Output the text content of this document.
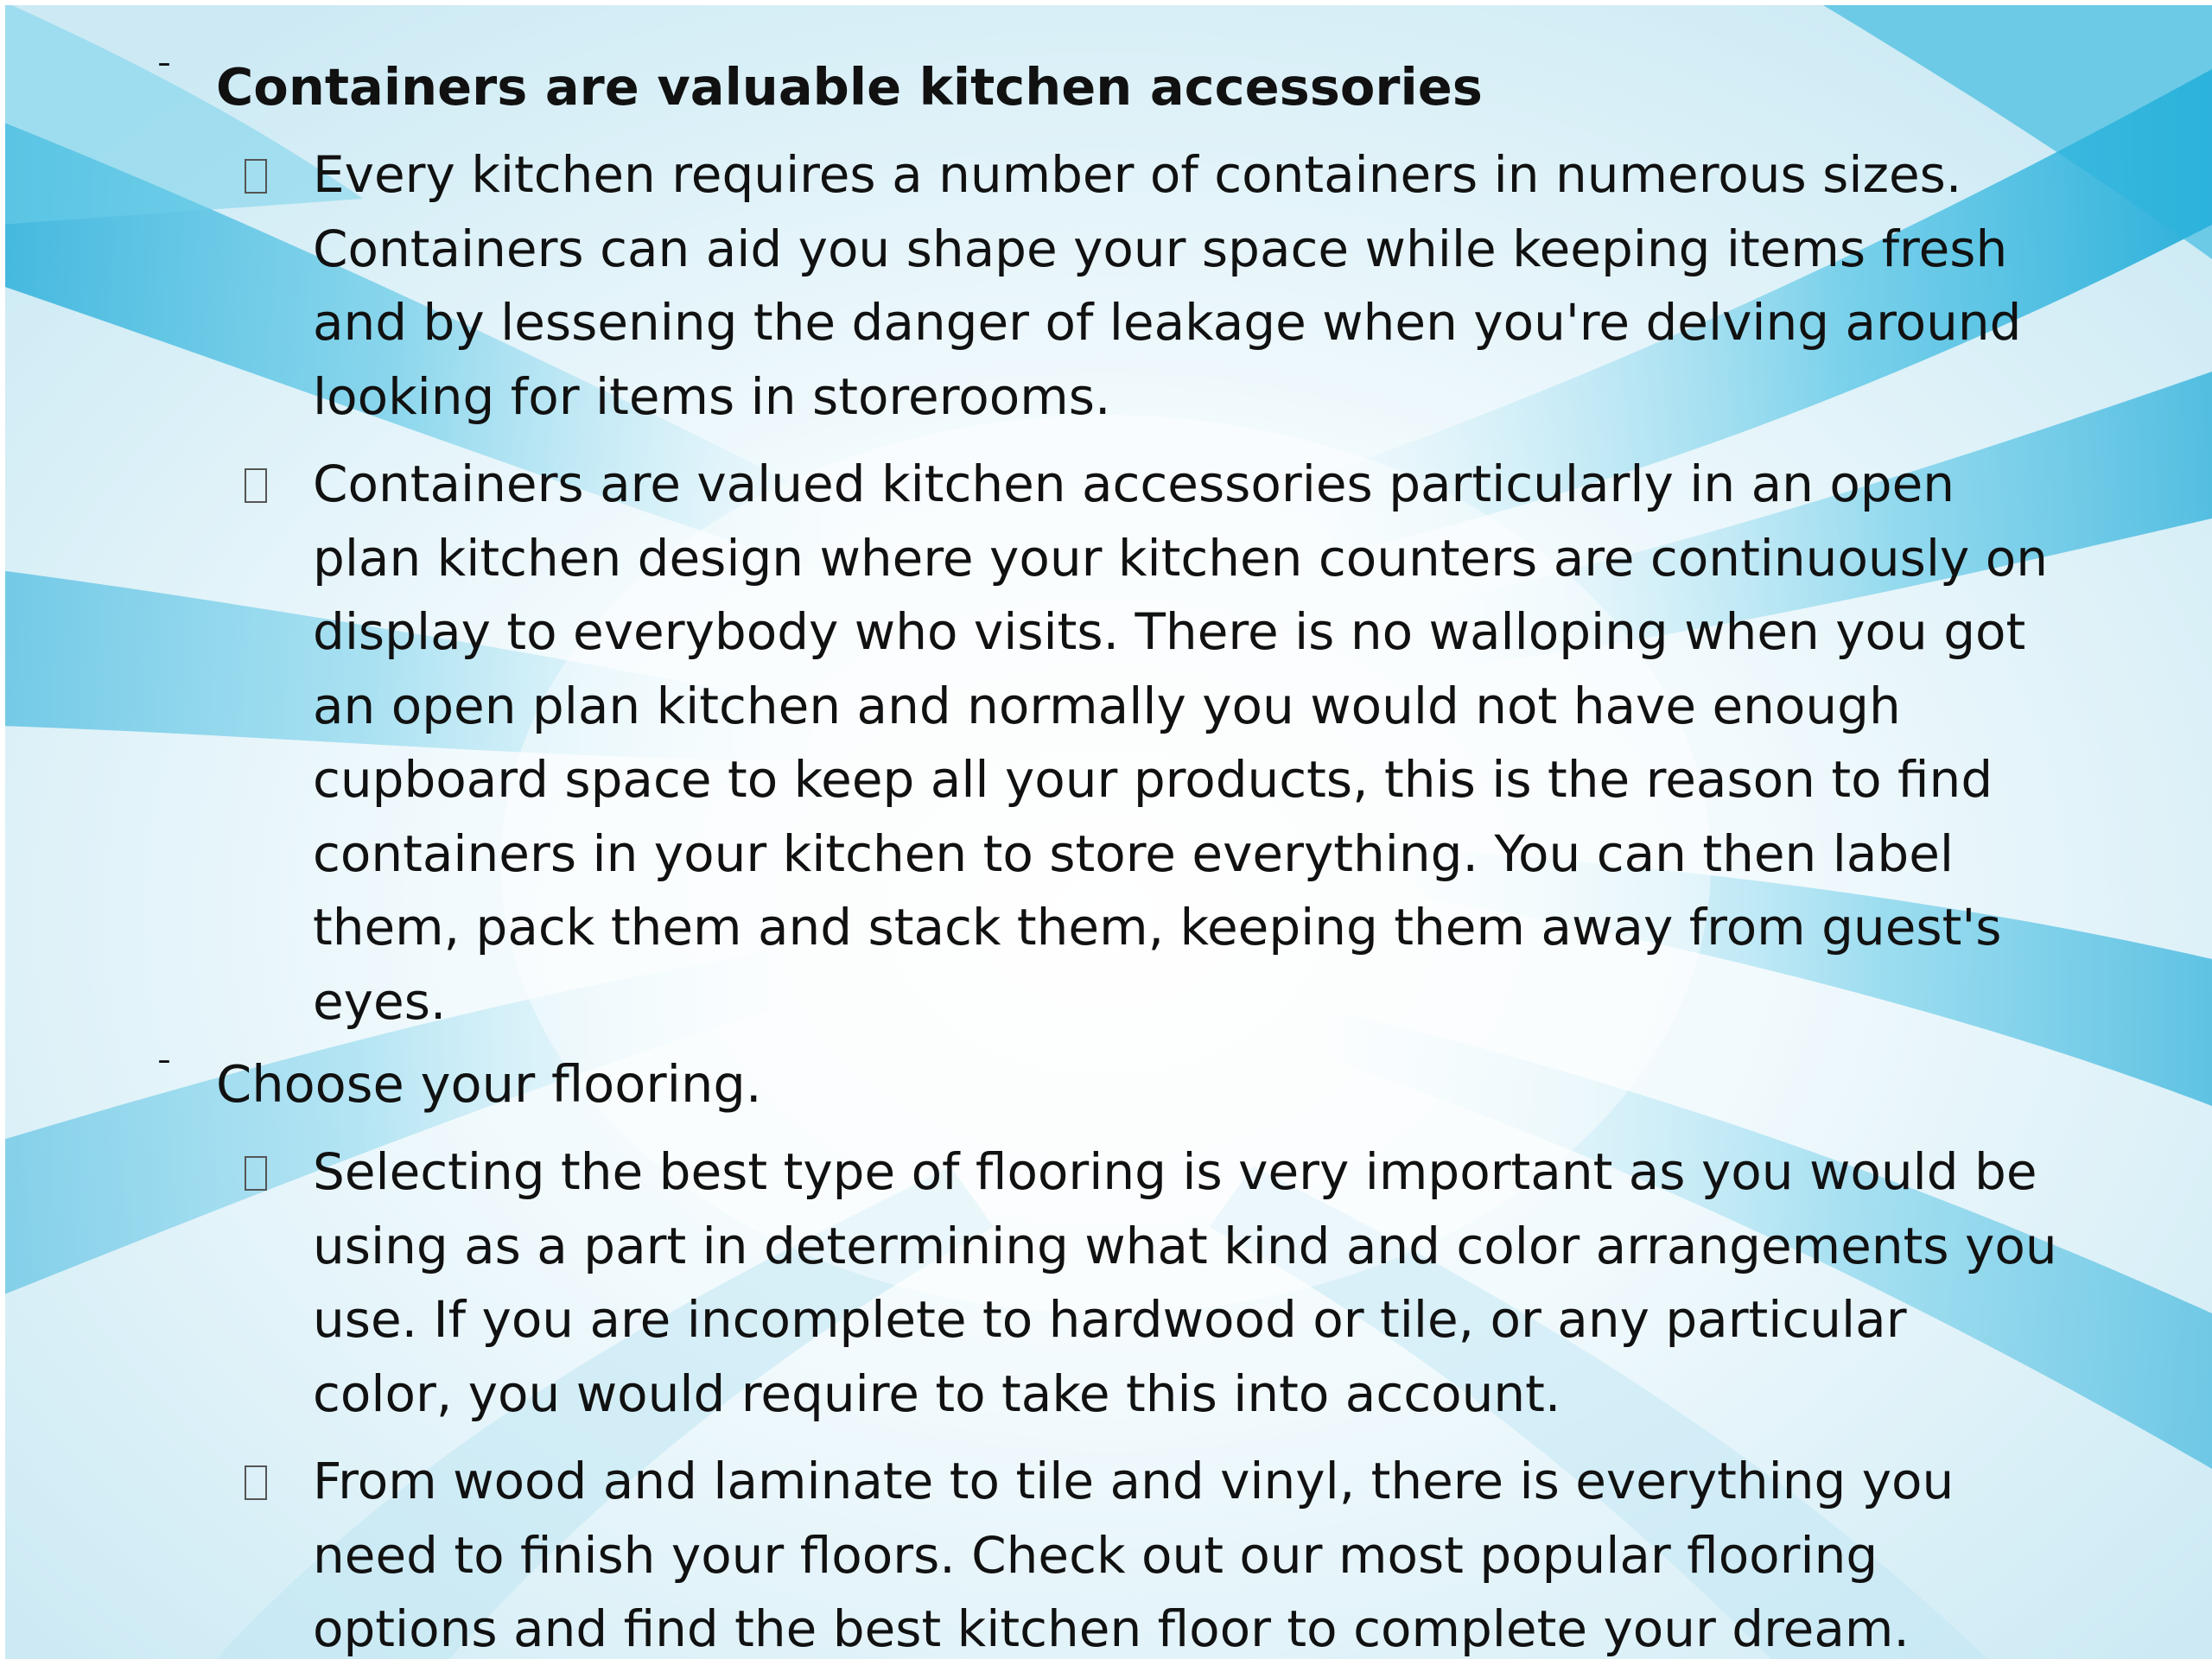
ˉ Containers are valuable kitchen accessories
Every kitchen requires a number of containers in numerous sizes. Containers can aid you shape your space while keeping items fresh and by lessening the danger of leakage when you're delving around looking for items in storerooms.
Containers are valued kitchen accessories particularly in an open plan kitchen design where your kitchen counters are continuously on display to everybody who visits. There is no walloping when you got an open plan kitchen and normally you would not have enough cupboard space to keep all your products, this is the reason to find containers in your kitchen to store everything. You can then label them, pack them and stack them, keeping them away from guest's eyes.
ˉ Choose your flooring.
Selecting the best type of flooring is very important as you would be using as a part in determining what kind and color arrangements you use. If you are incomplete to hardwood or tile, or any particular color, you would require to take this into account.
From wood and laminate to tile and vinyl, there is everything you need to finish your floors. Check out our most popular flooring options and find the best kitchen floor to complete your dream.
